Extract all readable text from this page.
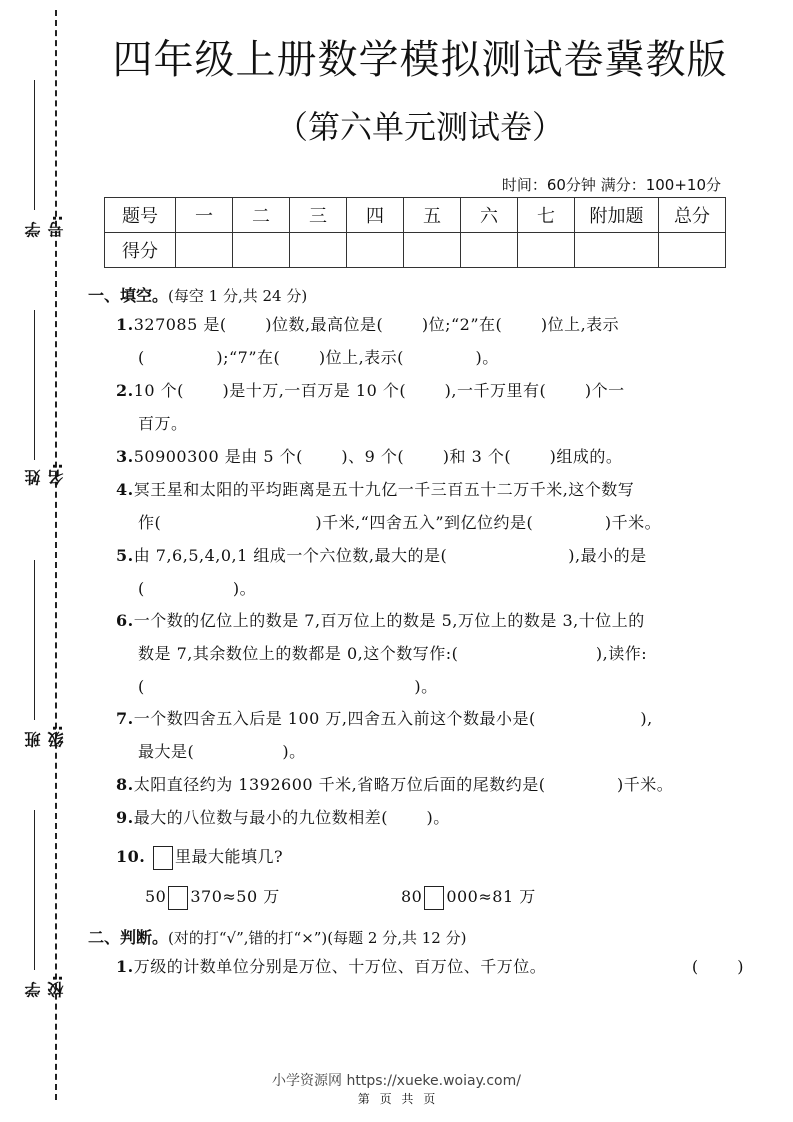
学号:
姓名:
班级:
学校:
四年级上册数学模拟测试卷冀教版
（第六单元测试卷）
时间：60分钟 满分：100+10分
题号	一	二	三	四	五	六	七	附加题	总分
得分									
一、填空。(每空 1 分,共 24 分)
1.327085 是(　　 )位数,最高位是(　　 )位;“2”在(　　 )位上,表示
(　　　　 );“7”在(　　 )位上,表示(　　　　 )。
2.10 个(　　 )是十万,一百万是 10 个(　　 ),一千万里有(　　 )个一
百万。
3.50900300 是由 5 个(　　 )、9 个(　　 )和 3 个(　　 )组成的。
4.冥王星和太阳的平均距离是五十九亿一千三百五十二万千米,这个数写
作(　　　　　　　　　 )千米,“四舍五入”到亿位约是(　　　　 )千米。
5.由 7,6,5,4,0,1 组成一个六位数,最大的是(　　　　　　　 ),最小的是
(　　　　　 )。
6.一个数的亿位上的数是 7,百万位上的数是 5,万位上的数是 3,十位上的
数是 7,其余数位上的数都是 0,这个数写作:(　　　　　　　　 ),读作:
(　　　　　　　　　　　　　　　　 )。
7.一个数四舍五入后是 100 万,四舍五入前这个数最小是(　　　　　　 ),
最大是(　　　　　 )。
8.太阳直径约为 1392600 千米,省略万位后面的尾数约是(　　　　 )千米。
9.最大的八位数与最小的九位数相差(　　 )。
10. 里最大能填几?
50 370≈50 万	80 000≈81 万
二、判断。(对的打“√”,错的打“×”)(每题 2 分,共 12 分)
1.万级的计数单位分别是万位、十万位、百万位、千万位。	(　　 )
小学资源网 https://xueke.woiay.com/
第 页 共 页
